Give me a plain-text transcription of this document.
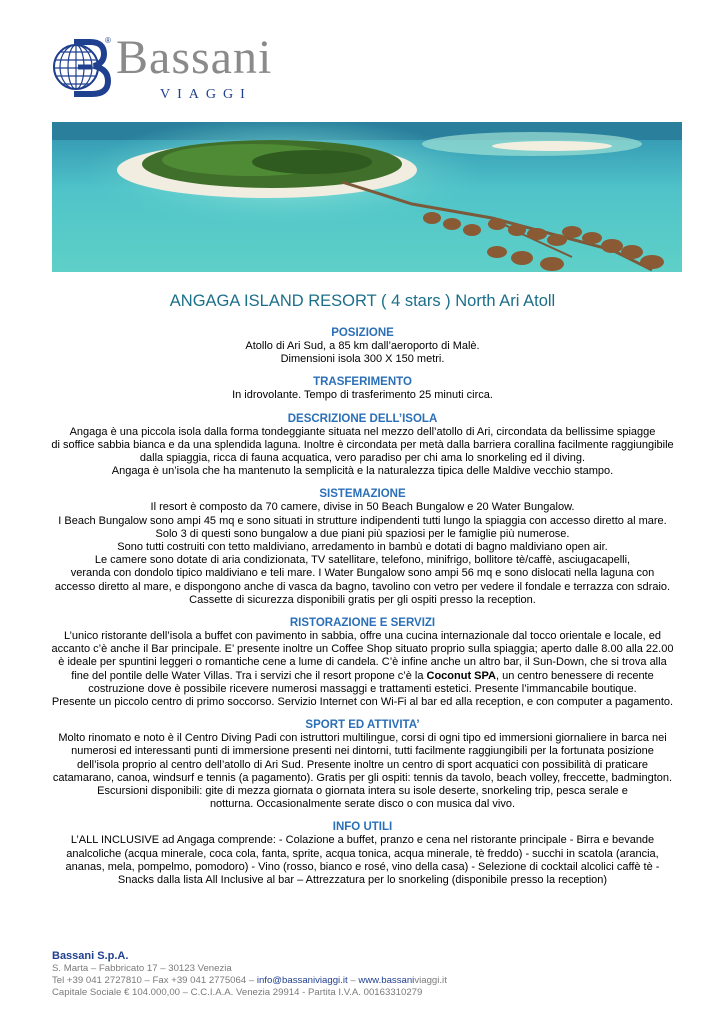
® Bassani
VIAGGI
ANGAGA ISLAND RESORT ( 4 stars ) North Ari Atoll
POSIZIONE

Atollo di Ari Sud, a 85 km dall’aeroporto di Malè.
Dimensioni isola 300 X 150 metri.

TRASFERIMENTO

In idrovolante. Tempo di trasferimento 25 minuti circa.

DESCRIZIONE DELL’ISOLA

Angaga è una piccola isola dalla forma tondeggiante situata nel mezzo dell’atollo di Ari, circondata da bellissime spiagge
di soffice sabbia bianca e da una splendida laguna. Inoltre è circondata per metà dalla barriera corallina facilmente raggiungibile
dalla spiaggia, ricca di fauna acquatica, vero paradiso per chi ama lo snorkeling ed il diving.
Angaga è un’isola che ha mantenuto la semplicità e la naturalezza tipica delle Maldive vecchio stampo.

SISTEMAZIONE

Il resort è composto da 70 camere, divise in 50 Beach Bungalow e 20 Water Bungalow.
I Beach Bungalow sono ampi 45 mq e sono situati in strutture indipendenti tutti lungo la spiaggia con accesso diretto al mare.
Solo 3 di questi sono bungalow a due piani più spaziosi per le famiglie più numerose.
Sono tutti costruiti con tetto maldiviano, arredamento in bambù e dotati di bagno maldiviano open air.
Le camere sono dotate di aria condizionata, TV satellitare, telefono, minifrigo, bollitore tè/caffè, asciugacapelli,
veranda con dondolo tipico maldiviano e teli mare. I Water Bungalow sono ampi 56 mq e sono dislocati nella laguna con
accesso diretto al mare, e dispongono anche di vasca da bagno, tavolino con vetro per vedere il fondale e terrazza con sdraio.
Cassette di sicurezza disponibili gratis per gli ospiti presso la reception.

RISTORAZIONE E SERVIZI

L’unico ristorante dell’isola a buffet con pavimento in sabbia, offre una cucina internazionale dal tocco orientale e locale, ed
accanto c’è anche il Bar principale. E’ presente inoltre un Coffee Shop situato proprio sulla spiaggia; aperto dalle 8.00 alla 22.00
è ideale per spuntini leggeri o romantiche cene a lume di candela. C’è infine anche un altro bar, il Sun-Down, che si trova alla
fine del pontile delle Water Villas. Tra i servizi che il resort propone c’è la Coconut SPA, un centro benessere di recente
costruzione dove è possibile ricevere numerosi massaggi e trattamenti estetici. Presente l’immancabile boutique.
Presente un piccolo centro di primo soccorso. Servizio Internet con Wi-Fi al bar ed alla reception, e con computer a pagamento.

SPORT ED ATTIVITA’

Molto rinomato e noto è il Centro Diving Padi con istruttori multilingue, corsi di ogni tipo ed immersioni giornaliere in barca nei
numerosi ed interessanti punti di immersione presenti nei dintorni, tutti facilmente raggiungibili per la fortunata posizione
dell’isola proprio al centro dell’atollo di Ari Sud. Presente inoltre un centro di sport acquatici con possibilità di praticare
catamarano, canoa, windsurf e tennis (a pagamento). Gratis per gli ospiti: tennis da tavolo, beach volley, freccette, badmington.
Escursioni disponibili: gite di mezza giornata o giornata intera su isole deserte, snorkeling trip, pesca serale e
notturna. Occasionalmente serate disco o con musica dal vivo.

INFO UTILI

L’ALL INCLUSIVE ad Angaga comprende: - Colazione a buffet, pranzo e cena nel ristorante principale - Birra e bevande
analcoliche (acqua minerale, coca cola, fanta, sprite, acqua tonica, acqua minerale, tè freddo) - succhi in scatola (arancia,
ananas, mela, pompelmo, pomodoro) - Vino (rosso, bianco e rosé, vino della casa) - Selezione di cocktail alcolici caffè tè -
Snacks dalla lista All Inclusive al bar – Attrezzatura per lo snorkeling (disponibile presso la reception)

Bassani S.p.A.
S. Marta – Fabbricato 17 – 30123 Venezia
Tel +39 041 2727810 – Fax +39 041 2775064 – info@bassaniviaggi.it – www.bassaniviaggi.it
Capitale Sociale € 104.000,00 – C.C.I.A.A. Venezia 29914 - Partita I.V.A. 00163310279
